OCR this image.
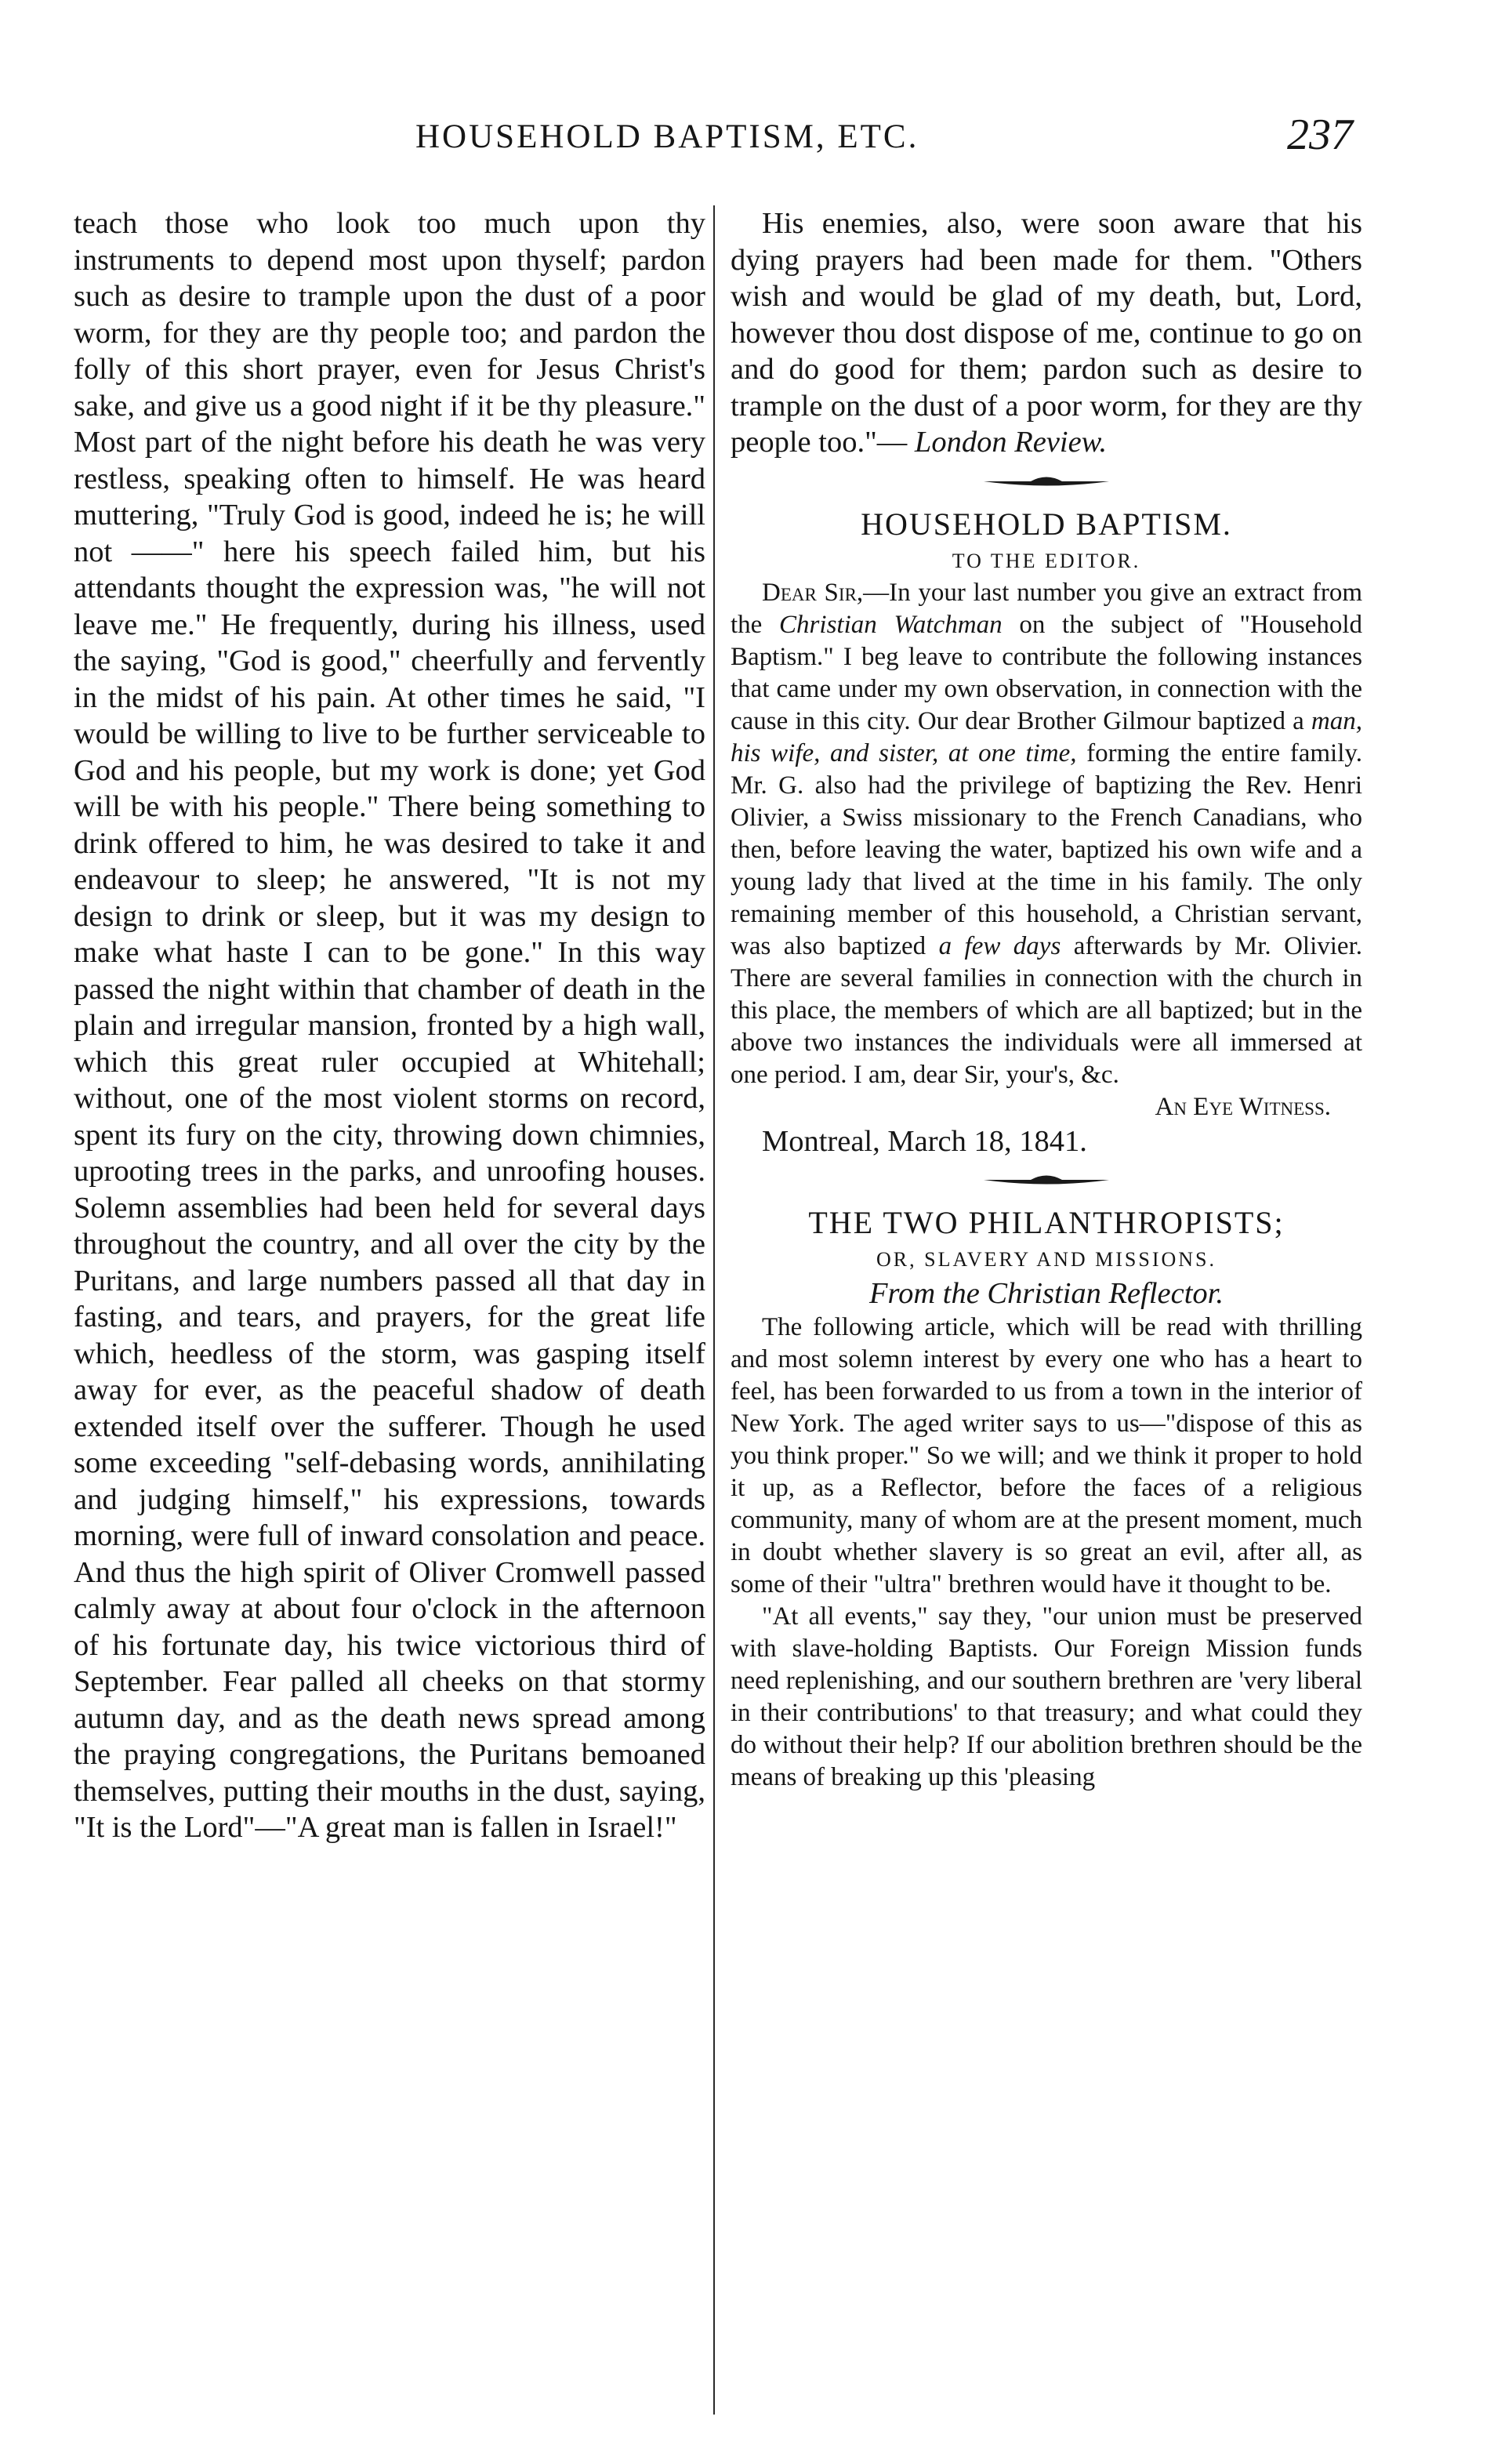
HOUSEHOLD BAPTISM, ETC.	237

teach those who look too much upon thy instruments to depend most upon thyself; pardon such as desire to trample upon the dust of a poor worm, for they are thy people too; and pardon the folly of this short prayer, even for Jesus Christ's sake, and give us a good night if it be thy pleasure." Most part of the night before his death he was very restless, speaking often to himself. He was heard muttering, "Truly God is good, indeed he is; he will not ——" here his speech failed him, but his attendants thought the expression was, "he will not leave me." He frequently, during his illness, used the saying, "God is good," cheerfully and fervently in the midst of his pain. At other times he said, "I would be willing to live to be further serviceable to God and his people, but my work is done; yet God will be with his people." There being something to drink offered to him, he was desired to take it and endeavour to sleep; he answered, "It is not my design to drink or sleep, but it was my design to make what haste I can to be gone." In this way passed the night within that chamber of death in the plain and irregular mansion, fronted by a high wall, which this great ruler occupied at Whitehall; without, one of the most violent storms on record, spent its fury on the city, throwing down chimnies, uprooting trees in the parks, and unroofing houses. Solemn assemblies had been held for several days throughout the country, and all over the city by the Puritans, and large numbers passed all that day in fasting, and tears, and prayers, for the great life which, heedless of the storm, was gasping itself away for ever, as the peaceful shadow of death extended itself over the sufferer. Though he used some exceeding "self-debasing words, annihilating and judging himself," his expressions, towards morning, were full of inward consolation and peace. And thus the high spirit of Oliver Cromwell passed calmly away at about four o'clock in the afternoon of his fortunate day, his twice victorious third of September. Fear palled all cheeks on that stormy autumn day, and as the death news spread among the praying congregations, the Puritans bemoaned themselves, putting their mouths in the dust, saying, "It is the Lord"—"A great man is fallen in Israel!"

His enemies, also, were soon aware that his dying prayers had been made for them. "Others wish and would be glad of my death, but, Lord, however thou dost dispose of me, continue to go on and do good for them; pardon such as desire to trample on the dust of a poor worm, for they are thy people too."— London Review.

HOUSEHOLD BAPTISM.
TO THE EDITOR.

Dear Sir,—In your last number you give an extract from the Christian Watchman on the subject of "Household Baptism." I beg leave to contribute the following instances that came under my own observation, in connection with the cause in this city. Our dear Brother Gilmour baptized a man, his wife, and sister, at one time, forming the entire family. Mr. G. also had the privilege of baptizing the Rev. Henri Olivier, a Swiss missionary to the French Canadians, who then, before leaving the water, baptized his own wife and a young lady that lived at the time in his family. The only remaining member of this household, a Christian servant, was also baptized a few days afterwards by Mr. Olivier. There are several families in connection with the church in this place, the members of which are all baptized; but in the above two instances the individuals were all immersed at one period. I am, dear Sir, your's, &c.

An Eye Witness.

Montreal, March 18, 1841.

THE TWO PHILANTHROPISTS;
OR, SLAVERY AND MISSIONS.
From the Christian Reflector.

The following article, which will be read with thrilling and most solemn interest by every one who has a heart to feel, has been forwarded to us from a town in the interior of New York. The aged writer says to us—"dispose of this as you think proper." So we will; and we think it proper to hold it up, as a Reflector, before the faces of a religious community, many of whom are at the present moment, much in doubt whether slavery is so great an evil, after all, as some of their "ultra" brethren would have it thought to be.

"At all events," say they, "our union must be preserved with slave-holding Baptists. Our Foreign Mission funds need replenishing, and our southern brethren are 'very liberal in their contributions' to that treasury; and what could they do without their help? If our abolition brethren should be the means of breaking up this 'pleasing
